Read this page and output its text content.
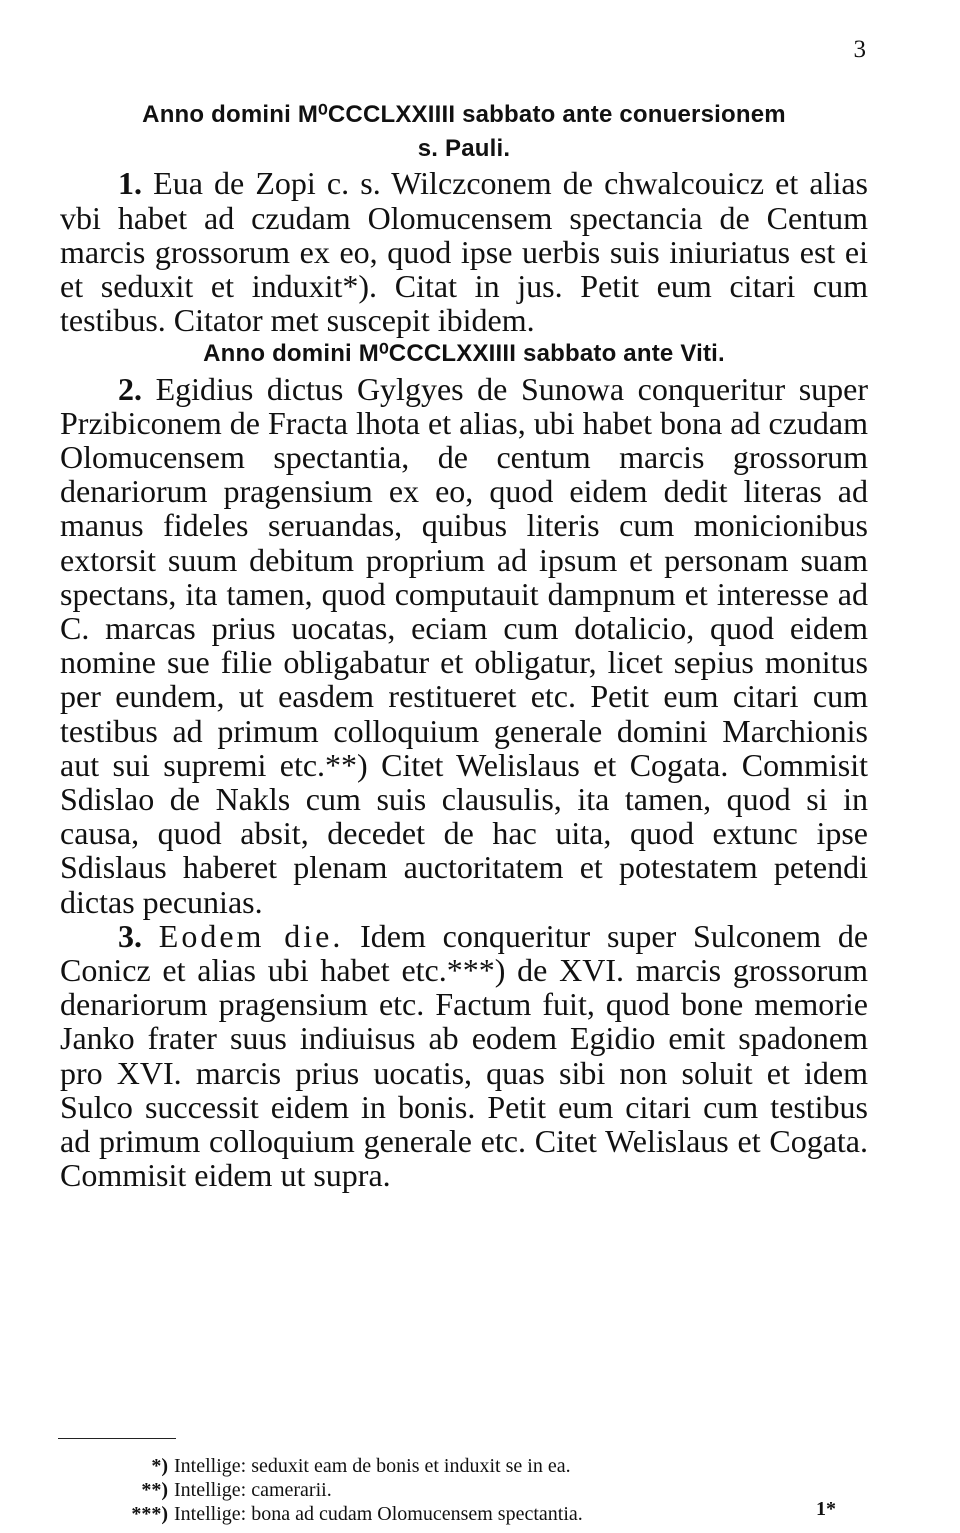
3

Anno domini M⁰CCCLXXIIII sabbato ante conuersionem
s. Pauli.

1. Eua de Zopi c. s. Wilczconem de chwalcouicz et alias vbi habet ad czudam Olomucensem spectancia de Centum marcis grossorum ex eo, quod ipse uerbis suis iniuriatus est ei et seduxit et induxit*). Citat in jus. Petit eum citari cum testibus. Citator met suscepit ibidem.

Anno domini M⁰CCCLXXIIII sabbato ante Viti.

2. Egidius dictus Gylgyes de Sunowa conqueritur super Przibiconem de Fracta lhota et alias, ubi habet bona ad czudam Olomucensem spectantia, de centum marcis grossorum denariorum pragensium ex eo, quod eidem dedit literas ad manus fideles seruandas, quibus literis cum monicionibus extorsit suum debitum proprium ad ipsum et personam suam spectans, ita tamen, quod computauit dampnum et interesse ad C. marcas prius uocatas, eciam cum dotalicio, quod eidem nomine sue filie obligabatur et obligatur, licet sepius monitus per eundem, ut easdem restitueret etc. Petit eum citari cum testibus ad primum colloquium generale domini Marchionis aut sui supremi etc.**) Citet Welislaus et Cogata. Commisit Sdislao de Nakls cum suis clausulis, ita tamen, quod si in causa, quod absit, decedet de hac uita, quod extunc ipse Sdislaus haberet plenam auctoritatem et potestatem petendi dictas pecunias.

3. Eodem die. Idem conqueritur super Sulconem de Conicz et alias ubi habet etc.***) de XVI. marcis grossorum denariorum pragensium etc. Factum fuit, quod bone memorie Janko frater suus indiuisus ab eodem Egidio emit spadonem pro XVI. marcis prius uocatis, quas sibi non soluit et idem Sulco successit eidem in bonis. Petit eum citari cum testibus ad primum colloquium generale etc. Citet Welislaus et Cogata. Commisit eidem ut supra.

*) Intellige: seduxit eam de bonis et induxit se in ea.
**) Intellige: camerarii.
***) Intellige: bona ad cudam Olomucensem spectantia.	1*
